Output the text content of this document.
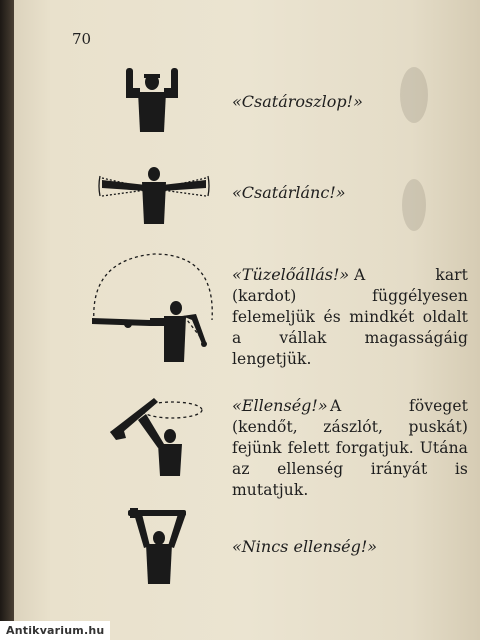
70
«Csatároszlop!»
«Csatárlánc!»
«Tüzelőállás!» A kart (kardot) függélyesen felemeljük és mindkét oldalt a vállak magasságáig lengetjük.
«Ellenség!» A föveget (kendőt, zászlót, puskát) fejünk felett forgatjuk. Utána az ellenség irányát is mutatjuk.
«Nincs ellenség!»
Antikvarium.hu
